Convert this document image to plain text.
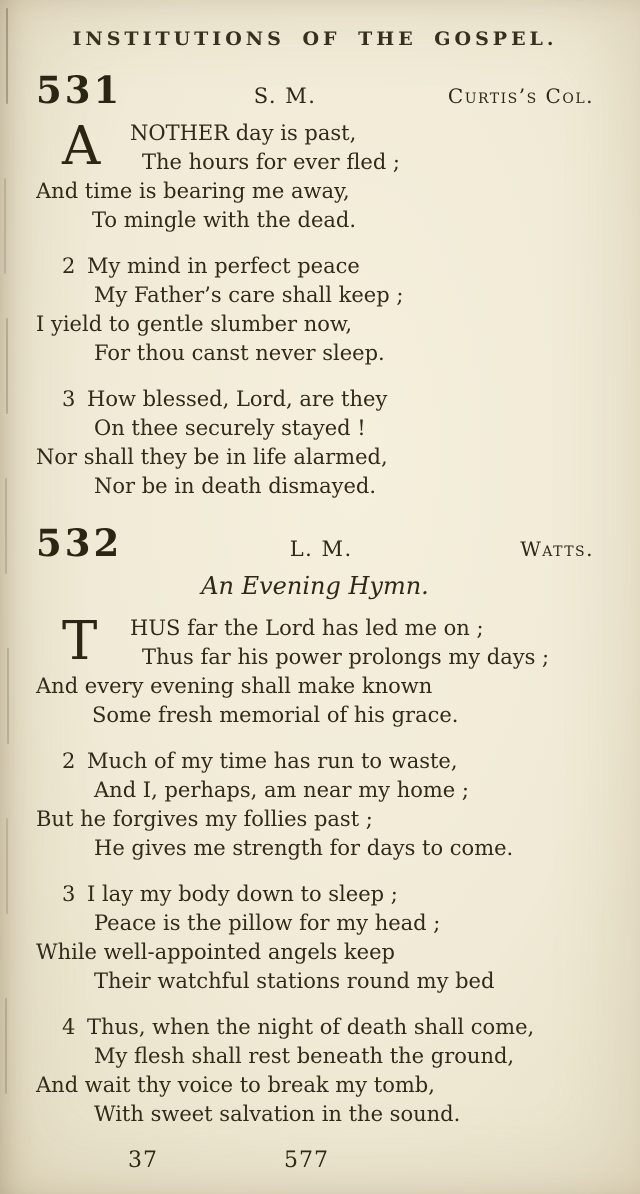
INSTITUTIONS OF THE GOSPEL.
531	S. M.	Curtis’s Col.
A NOTHER day is past,
The hours for ever fled ;
And time is bearing me away,
To mingle with the dead.
2 My mind in perfect peace
My Father’s care shall keep ;
I yield to gentle slumber now,
For thou canst never sleep.
3 How blessed, Lord, are they
On thee securely stayed !
Nor shall they be in life alarmed,
Nor be in death dismayed.
532	L. M.	Watts.
An Evening Hymn.
T HUS far the Lord has led me on ;
Thus far his power prolongs my days ;
And every evening shall make known
Some fresh memorial of his grace.
2 Much of my time has run to waste,
And I, perhaps, am near my home ;
But he forgives my follies past ;
He gives me strength for days to come.
3 I lay my body down to sleep ;
Peace is the pillow for my head ;
While well-appointed angels keep
Their watchful stations round my bed
4 Thus, when the night of death shall come,
My flesh shall rest beneath the ground,
And wait thy voice to break my tomb,
With sweet salvation in the sound.
37	577
